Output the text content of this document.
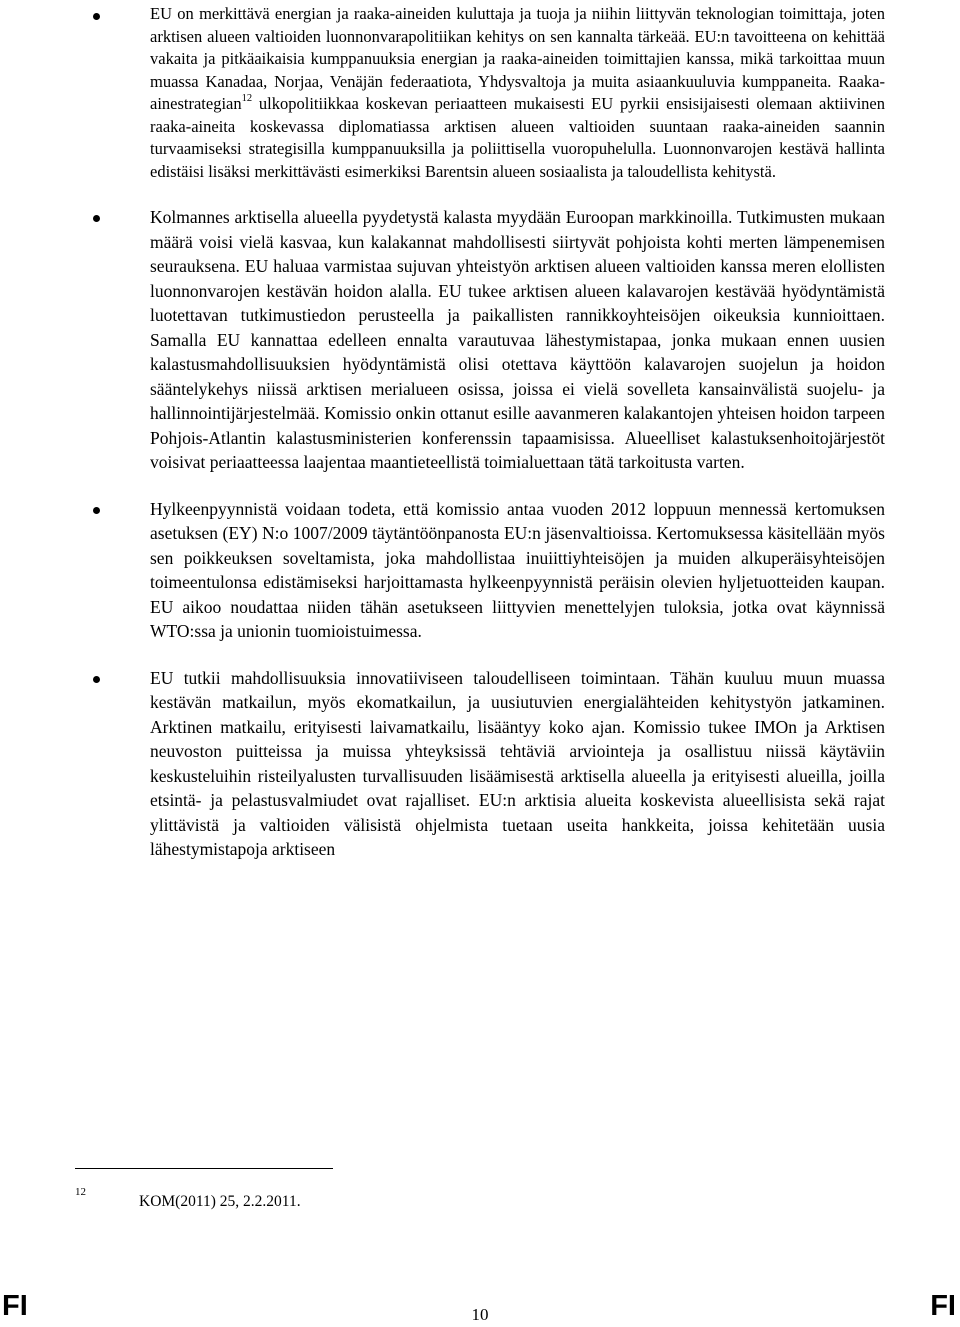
EU on merkittävä energian ja raaka-aineiden kuluttaja ja tuoja ja niihin liittyvän teknologian toimittaja, joten arktisen alueen valtioiden luonnonvarapolitiikan kehitys on sen kannalta tärkeää. EU:n tavoitteena on kehittää vakaita ja pitkäaikaisia kumppanuuksia energian ja raaka-aineiden toimittajien kanssa, mikä tarkoittaa muun muassa Kanadaa, Norjaa, Venäjän federaatiota, Yhdysvaltoja ja muita asiaankuuluvia kumppaneita. Raaka-ainestrategian$^{12}$ ulkopolitiikkaa koskevan periaatteen mukaisesti EU pyrkii ensisijaisesti olemaan aktiivinen raaka-aineita koskevassa diplomatiassa arktisen alueen valtioiden suuntaan raaka-aineiden saannin turvaamiseksi strategisilla kumppanuuksilla ja poliittisella vuoropuhelulla. Luonnonvarojen kestävä hallinta edistäisi lisäksi merkittävästi esimerkiksi Barentsin alueen sosiaalista ja taloudellista kehitystä.

Kolmannes arktisella alueella pyydetystä kalasta myydään Euroopan markkinoilla. Tutkimusten mukaan määrä voisi vielä kasvaa, kun kalakannat mahdollisesti siirtyvät pohjoista kohti merten lämpenemisen seurauksena. EU haluaa varmistaa sujuvan yhteistyön arktisen alueen valtioiden kanssa meren elollisten luonnonvarojen kestävän hoidon alalla. EU tukee arktisen alueen kalavarojen kestävää hyödyntämistä luotettavan tutkimustiedon perusteella ja paikallisten rannikkoyhteisöjen oikeuksia kunnioittaen. Samalla EU kannattaa edelleen ennalta varautuvaa lähestymistapaa, jonka mukaan ennen uusien kalastusmahdollisuuksien hyödyntämistä olisi otettava käyttöön kalavarojen suojelun ja hoidon sääntelykehys niissä arktisen merialueen osissa, joissa ei vielä sovelleta kansainvälistä suojelu- ja hallinnointijärjestelmää. Komissio onkin ottanut esille aavanmeren kalakantojen yhteisen hoidon tarpeen Pohjois-Atlantin kalastusministerien konferenssin tapaamisissa. Alueelliset kalastuksenhoitojärjestöt voisivat periaatteessa laajentaa maantieteellistä toimialuettaan tätä tarkoitusta varten.

Hylkeenpyynnistä voidaan todeta, että komissio antaa vuoden 2012 loppuun mennessä kertomuksen asetuksen (EY) N:o 1007/2009 täytäntöönpanosta EU:n jäsenvaltioissa. Kertomuksessa käsitellään myös sen poikkeuksen soveltamista, joka mahdollistaa inuiittiyhteisöjen ja muiden alkuperäisyhteisöjen toimeentulonsa edistämiseksi harjoittamasta hylkeenpyynnistä peräisin olevien hyljetuotteiden kaupan. EU aikoo noudattaa niiden tähän asetukseen liittyvien menettelyjen tuloksia, jotka ovat käynnissä WTO:ssa ja unionin tuomioistuimessa.

EU tutkii mahdollisuuksia innovatiiviseen taloudelliseen toimintaan. Tähän kuuluu muun muassa kestävän matkailun, myös ekomatkailun, ja uusiutuvien energialähteiden kehitystyön jatkaminen. Arktinen matkailu, erityisesti laivamatkailu, lisääntyy koko ajan. Komissio tukee IMOn ja Arktisen neuvoston puitteissa ja muissa yhteyksissä tehtäviä arviointeja ja osallistuu niissä käytäviin keskusteluihin risteilyalusten turvallisuuden lisäämisestä arktisella alueella ja erityisesti alueilla, joilla etsintä- ja pelastusvalmiudet ovat rajalliset. EU:n arktisia alueita koskevista alueellisista sekä rajat ylittävistä ja valtioiden välisistä ohjelmista tuetaan useita hankkeita, joissa kehitetään uusia lähestymistapoja arktiseen

12
KOM(2011) 25, 2.2.2011.
FI	10	FI
